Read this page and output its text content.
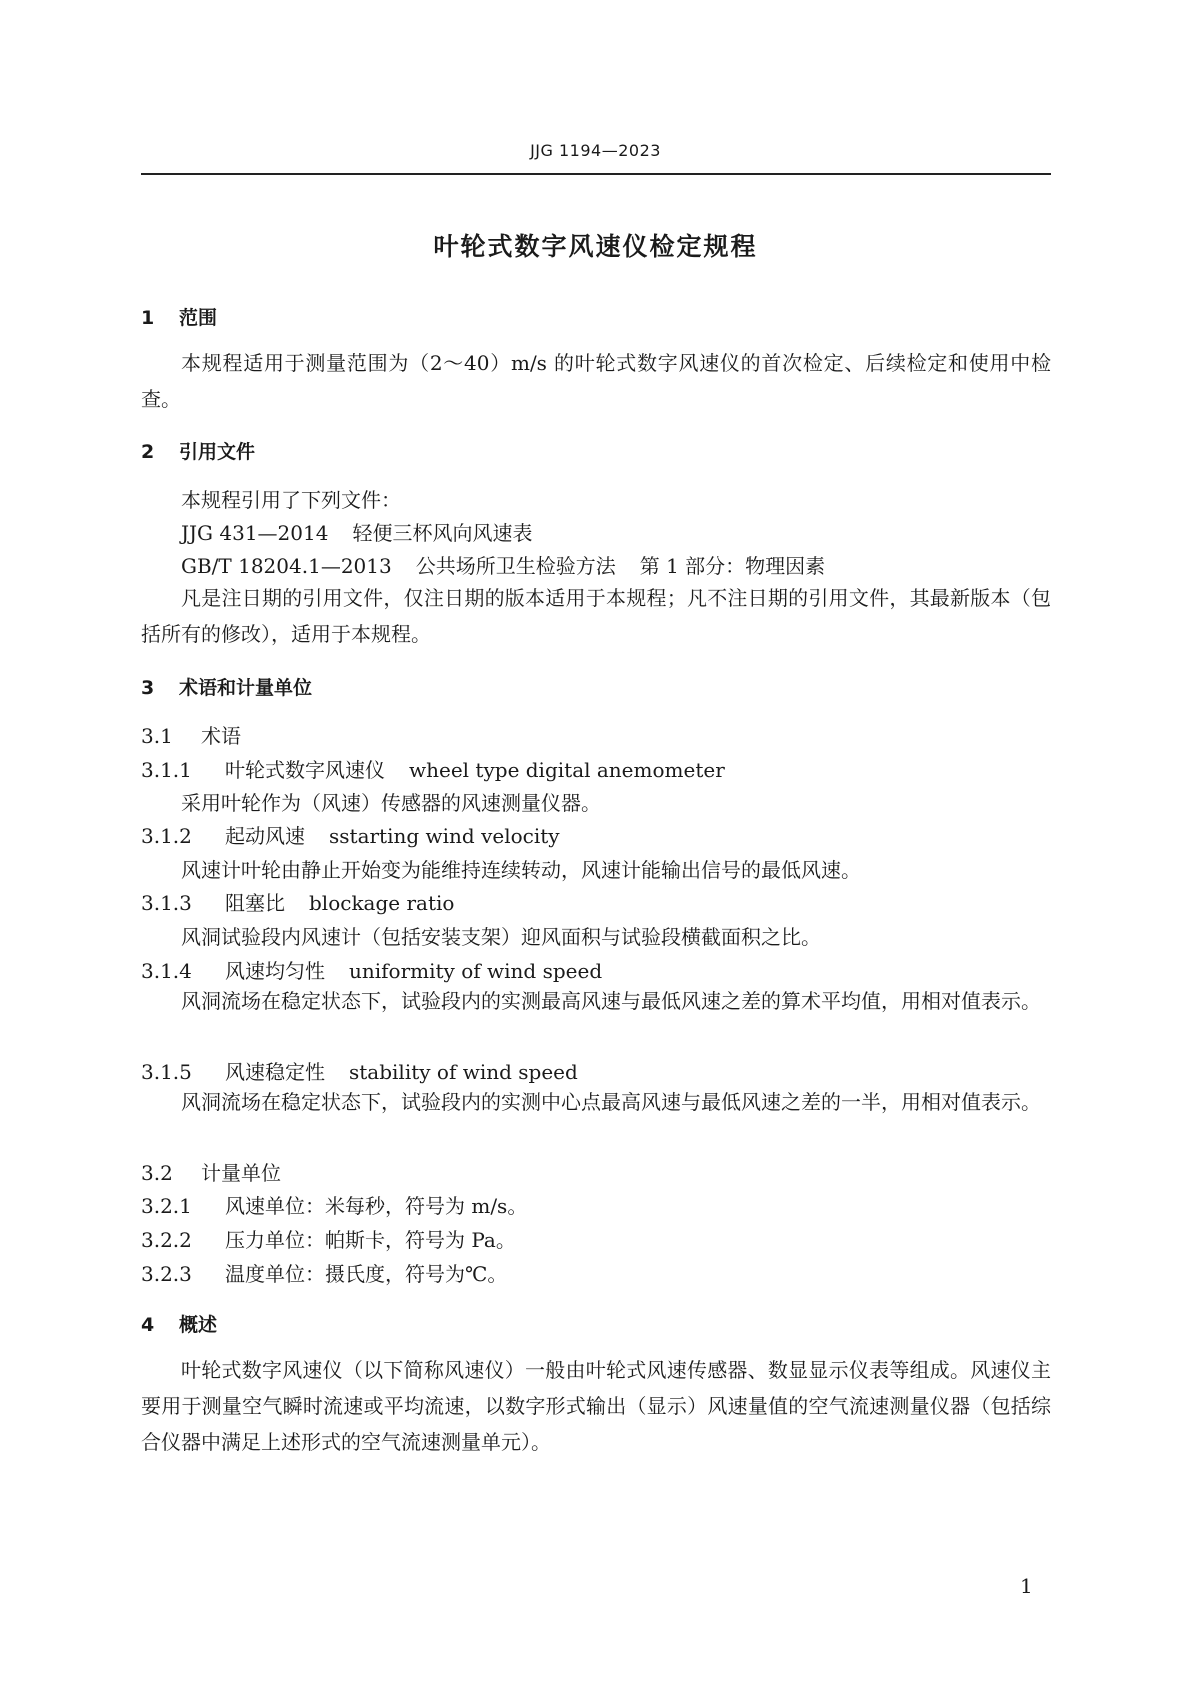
JJG 1194—2023
叶轮式数字风速仪检定规程
1 范围
本规程适用于测量范围为（2～40）m/s 的叶轮式数字风速仪的首次检定、后续检定和使用中检查。
2 引用文件
本规程引用了下列文件：
JJG 431—2014 轻便三杯风向风速表
GB/T 18204.1—2013 公共场所卫生检验方法 第 1 部分：物理因素
凡是注日期的引用文件，仅注日期的版本适用于本规程；凡不注日期的引用文件，其最新版本（包括所有的修改），适用于本规程。
3 术语和计量单位
3.1 术语
3.1.1 叶轮式数字风速仪 wheel type digital anemometer
采用叶轮作为（风速）传感器的风速测量仪器。
3.1.2 起动风速 sstarting wind velocity
风速计叶轮由静止开始变为能维持连续转动，风速计能输出信号的最低风速。
3.1.3 阻塞比 blockage ratio
风洞试验段内风速计（包括安装支架）迎风面积与试验段横截面积之比。
3.1.4 风速均匀性 uniformity of wind speed
风洞流场在稳定状态下，试验段内的实测最高风速与最低风速之差的算术平均值，用相对值表示。
3.1.5 风速稳定性 stability of wind speed
风洞流场在稳定状态下，试验段内的实测中心点最高风速与最低风速之差的一半，用相对值表示。
3.2 计量单位
3.2.1 风速单位：米每秒，符号为 m/s。
3.2.2 压力单位：帕斯卡，符号为 Pa。
3.2.3 温度单位：摄氏度，符号为℃。
4 概述
叶轮式数字风速仪（以下简称风速仪）一般由叶轮式风速传感器、数显显示仪表等组成。风速仪主要用于测量空气瞬时流速或平均流速，以数字形式输出（显示）风速量值的空气流速测量仪器（包括综合仪器中满足上述形式的空气流速测量单元）。
1
